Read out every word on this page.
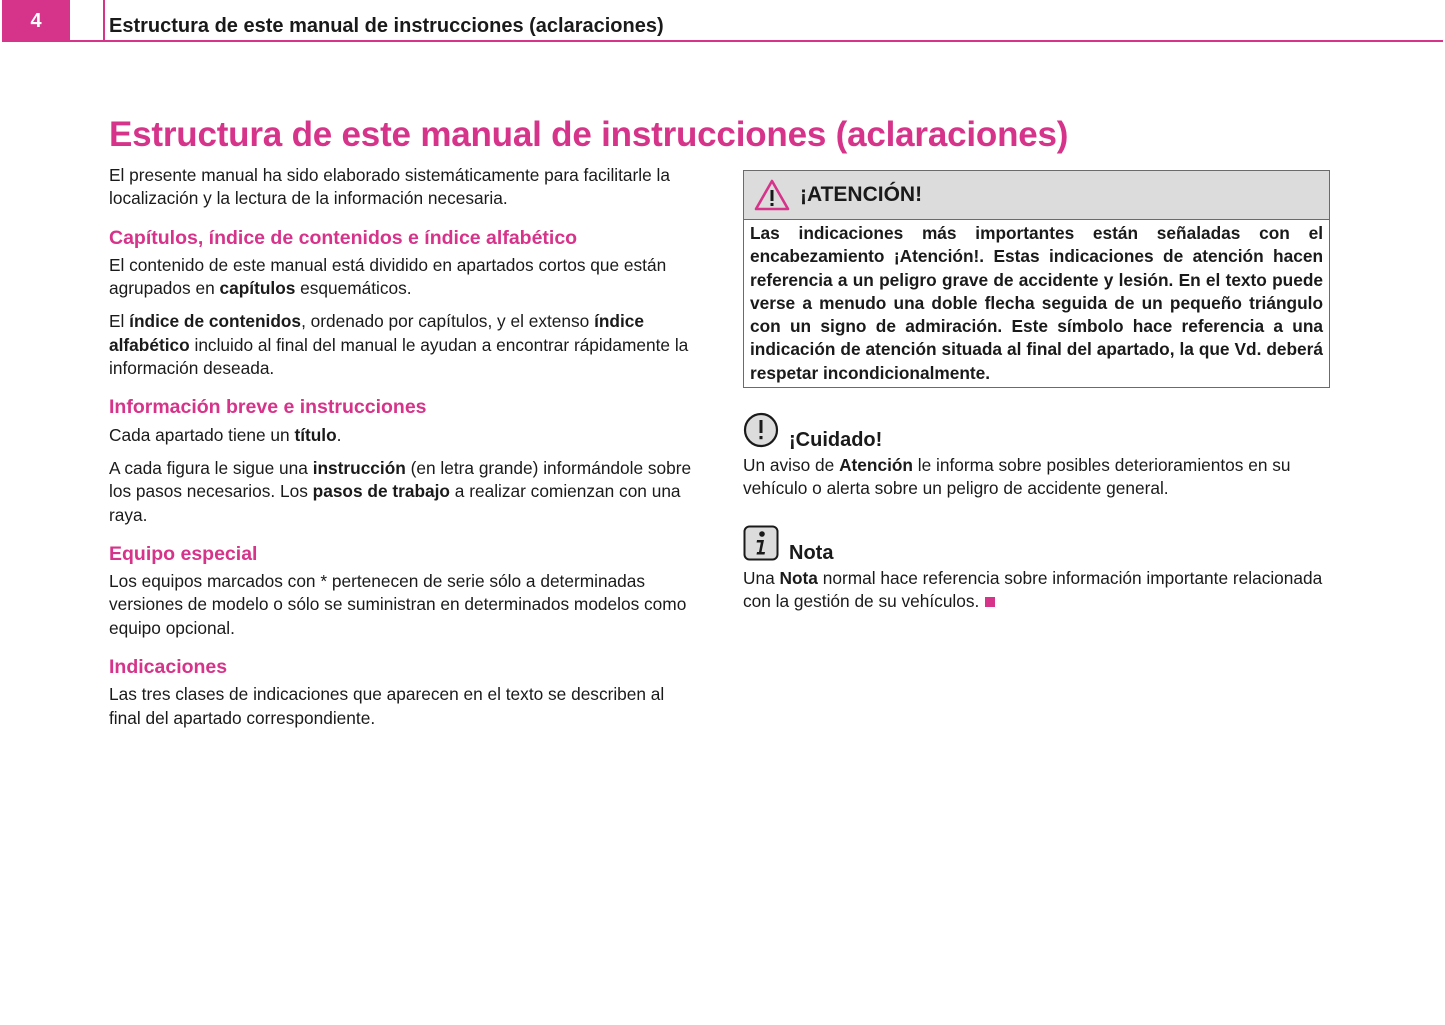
4	Estructura de este manual de instrucciones (aclaraciones)
Estructura de este manual de instrucciones (aclaraciones)

El presente manual ha sido elaborado sistemáticamente para facilitarle la localización y la lectura de la información necesaria.

Capítulos, índice de contenidos e índice alfabético

El contenido de este manual está dividido en apartados cortos que están agrupados en capítulos esquemáticos.

El índice de contenidos, ordenado por capítulos, y el extenso índice alfabético incluido al final del manual le ayudan a encontrar rápidamente la información deseada.

Información breve e instrucciones

Cada apartado tiene un título.

A cada figura le sigue una instrucción (en letra grande) informándole sobre los pasos necesarios. Los pasos de trabajo a realizar comienzan con una raya.

Equipo especial

Los equipos marcados con * pertenecen de serie sólo a determinadas versiones de modelo o sólo se suministran en determinados modelos como equipo opcional.

Indicaciones

Las tres clases de indicaciones que aparecen en el texto se describen al final del apartado correspondiente.

¡ATENCIÓN!
Las indicaciones más importantes están señaladas con el encabezamiento ¡Atención!. Estas indicaciones de atención hacen referencia a un peligro grave de accidente y lesión. En el texto puede verse a menudo una doble flecha seguida de un pequeño triángulo con un signo de admiración. Este símbolo hace referencia a una indicación de atención situada al final del apartado, la que Vd. deberá respetar incondicionalmente.
¡Cuidado!

Un aviso de Atención le informa sobre posibles deterioramientos en su vehículo o alerta sobre un peligro de accidente general.

Nota

Una Nota normal hace referencia sobre información importante relacionada con la gestión de su vehículos.
